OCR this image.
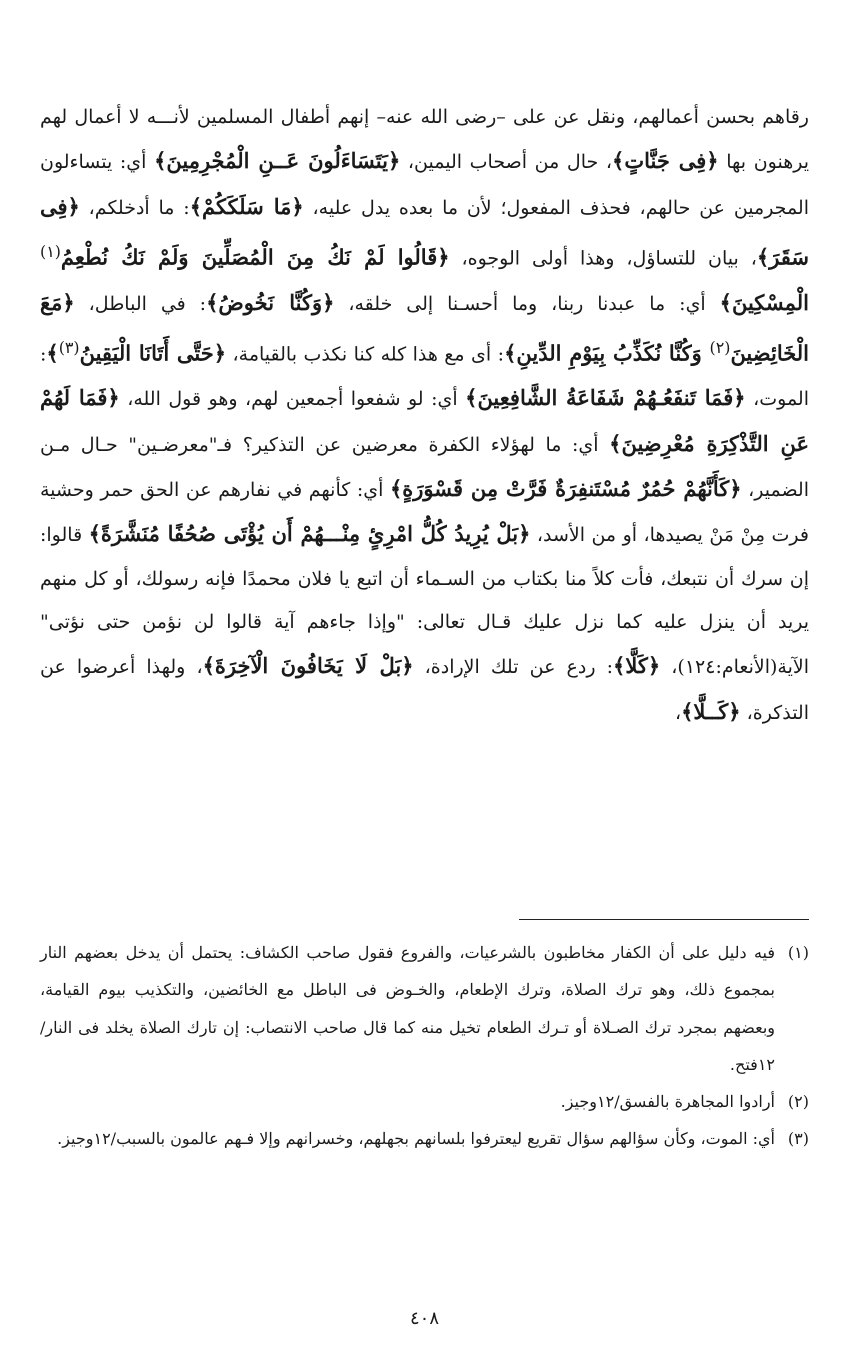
رقاهم بحسن أعمالهم، ونقل عن على –رضى الله عنه– إنهم أطفال المسلمين لأنـــه لا أعمال لهم يرهنون بها ﴿فِى جَنَّاتٍ﴾، حال من أصحاب اليمين، ﴿يَتَسَاءَلُونَ عَــنِ الْمُجْرِمِينَ﴾ أي: يتساءلون المجرمين عن حالهم، فحذف المفعول؛ لأن ما بعده يدل عليه، ﴿مَا سَلَكَكُمْ﴾: ما أدخلكم، ﴿فِى سَقَرَ﴾، بيان للتساؤل، وهذا أولى الوجوه، ﴿قَالُوا لَمْ نَكُ مِنَ الْمُصَلِّينَ وَلَمْ نَكُ نُطْعِمُ$^{(١)}$ الْمِسْكِينَ﴾ أي: ما عبدنا ربنا، وما أحسـنا إلى خلقه، ﴿وَكُنَّا نَخُوضُ﴾: في الباطل، ﴿مَعَ الْخَائِضِينَ$^{(٢)}$ وَكُنَّا نُكَذِّبُ بِيَوْمِ الدِّينِ﴾: أى مع هذا كله كنا نكذب بالقيامة، ﴿حَتَّى أَتَانَا الْيَقِينُ$^{(٣)}$﴾: الموت، ﴿فَمَا تَنفَعُـهُمْ شَفَاعَةُ الشَّافِعِينَ﴾ أي: لو شفعوا أجمعين لهم، وهو قول الله، ﴿فَمَا لَهُمْ عَنِ التَّذْكِرَةِ مُعْرِضِينَ﴾ أي: ما لهؤلاء الكفرة معرضين عن التذكير؟ فـ"معرضـين" حـال مـن الضمير، ﴿كَأَنَّهُمْ حُمُرٌ مُسْتَنفِرَةٌ فَرَّتْ مِن قَسْوَرَةٍ﴾ أي: كأنهم في نفارهم عن الحق حمر وحشية فرت مِنْ مَنْ يصيدها، أو من الأسد، ﴿بَلْ يُرِيدُ كُلُّ امْرِئٍ مِنْـــهُمْ أَن يُؤْتَى صُحُفًا مُنَشَّرَةً﴾ قالوا: إن سرك أن نتبعك، فأت كلاً منا بكتاب من السـماء أن اتبع يا فلان محمدًا فإنه رسولك، أو كل منهم يريد أن ينزل عليه كما نزل عليك قـال تعالى: "وإذا جاءهم آية قالوا لن نؤمن حتى نؤتى" الآية(الأنعام:١٢٤)، ﴿كَلَّا﴾: ردع عن تلك الإرادة، ﴿بَلْ لَا يَخَافُونَ الْآخِرَةَ﴾، ولهذا أعرضوا عن التذكرة، ﴿كَــلَّا﴾،

(١)
فيه دليل على أن الكفار مخاطبون بالشرعيات، والفروع فقول صاحب الكشاف: يحتمل أن يدخل بعضهم النار بمجموع ذلك، وهو ترك الصلاة، وترك الإطعام، والخـوض فى الباطل مع الخائضين، والتكذيب بيوم القيامة، وبعضهم بمجرد ترك الصـلاة أو تـرك الطعام تخيل منه كما قال صاحب الانتصاب: إن تارك الصلاة يخلد فى النار/١٢فتح.
(٢)
أرادوا المجاهرة بالفسق/١٢وجيز.
(٣)
أي: الموت، وكأن سؤالهم سؤال تقريع ليعترفوا بلسانهم بجهلهم، وخسرانهم وإلا فـهم عالمون بالسبب/١٢وجيز.
٤٠٨
